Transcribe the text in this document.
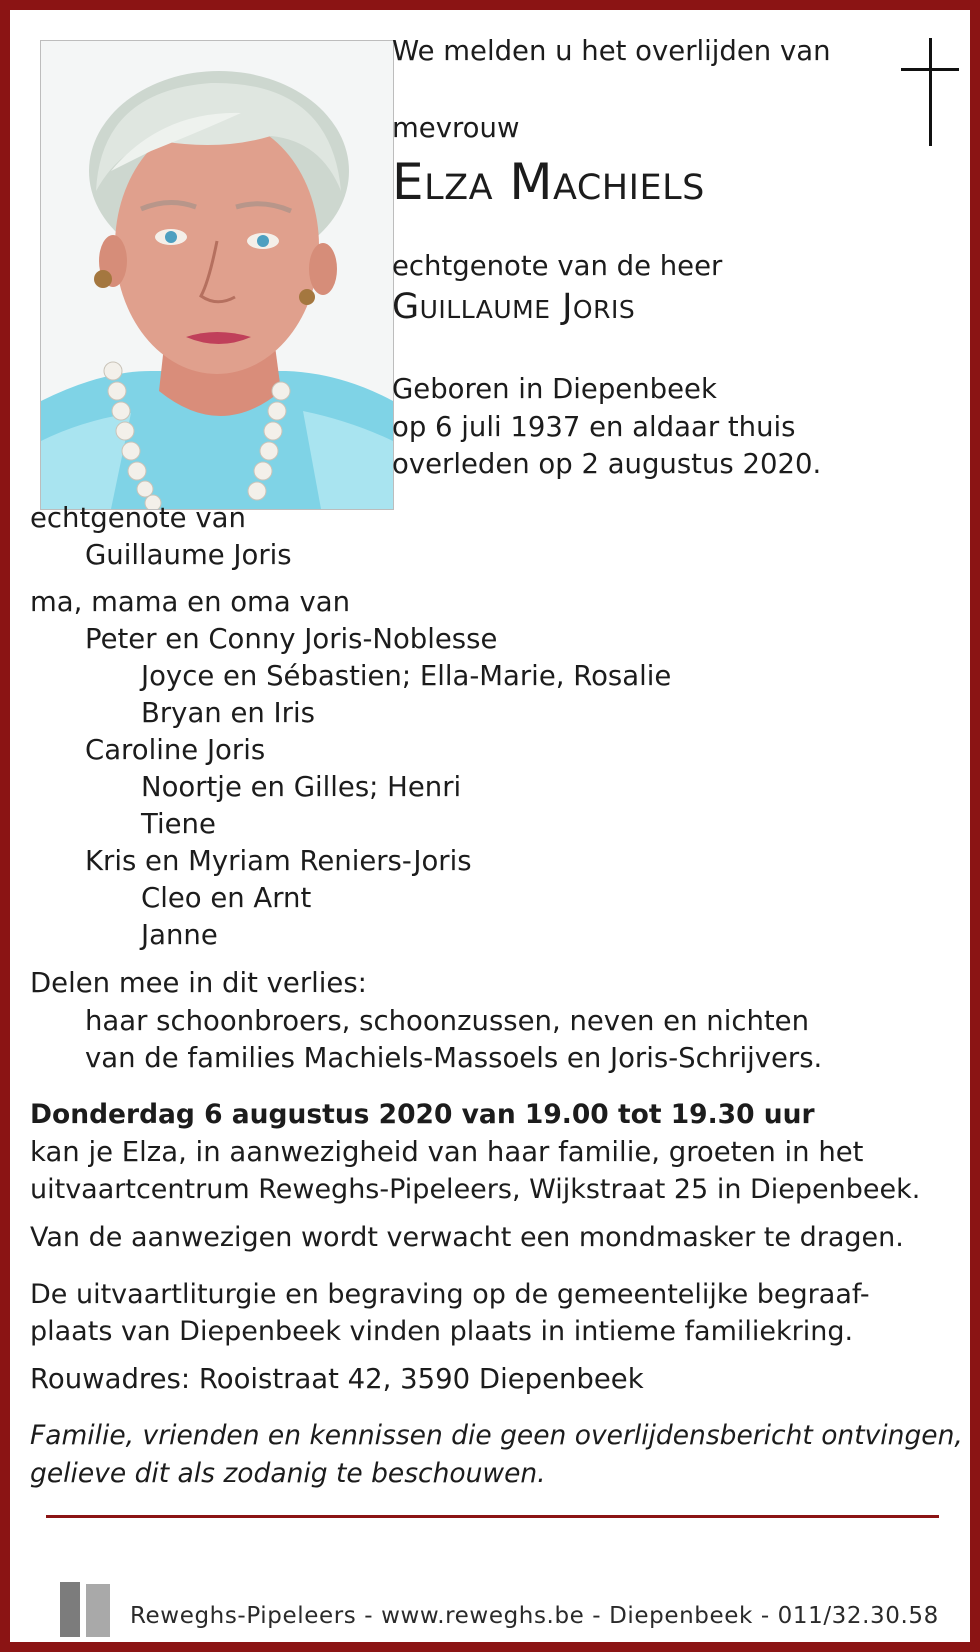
We melden u het overlijden van
mevrouw
Elza Machiels
echtgenote van de heer
Guillaume Joris
Geboren in Diepenbeek
op 6 juli 1937 en aldaar thuis
overleden op 2 augustus 2020.
echtgenote van
Guillaume Joris
ma, mama en oma van
Peter en Conny Joris-Noblesse
Joyce en Sébastien; Ella-Marie, Rosalie
Bryan en Iris
Caroline Joris
Noortje en Gilles; Henri
Tiene
Kris en Myriam Reniers-Joris
Cleo en Arnt
Janne
Delen mee in dit verlies:
haar schoonbroers, schoonzussen, neven en nichten
van de families Machiels-Massoels en Joris-Schrijvers.
Donderdag 6 augustus 2020 van 19.00 tot 19.30 uur
kan je Elza, in aanwezigheid van haar familie, groeten in het
uitvaartcentrum Reweghs-Pipeleers, Wijkstraat 25 in Diepenbeek.
Van de aanwezigen wordt verwacht een mondmasker te dragen.
De uitvaartliturgie en begraving op de gemeentelijke begraaf-
plaats van Diepenbeek vinden plaats in intieme familiekring.
Rouwadres: Rooistraat 42, 3590 Diepenbeek
Familie, vrienden en kennissen die geen overlijdensbericht ontvingen,
gelieve dit als zodanig te beschouwen.
Reweghs-Pipeleers - www.reweghs.be - Diepenbeek - 011/32.30.58
